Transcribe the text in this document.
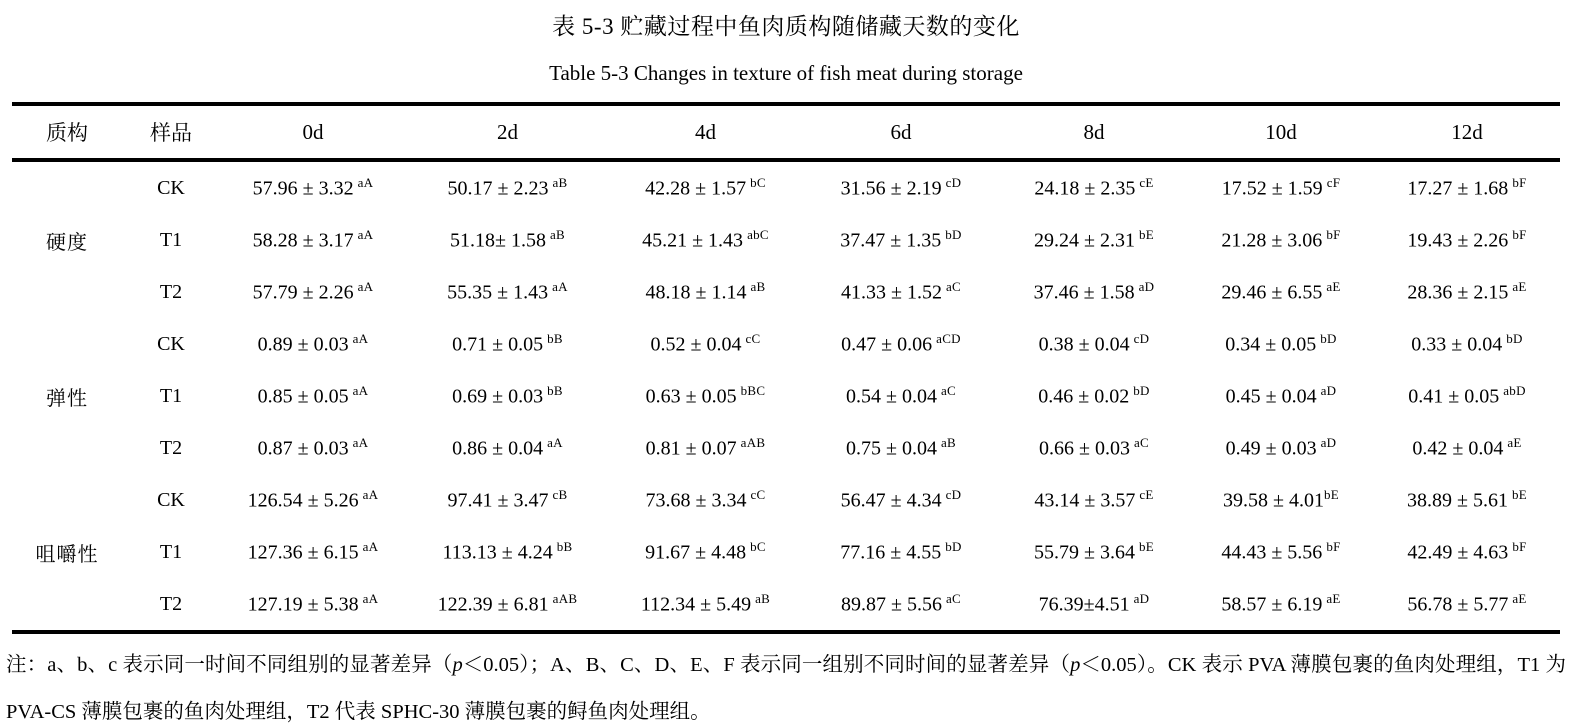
表 5-3 贮藏过程中鱼肉质构随储藏天数的变化
Table 5-3 Changes in texture of fish meat during storage
质构	样品	0d	2d	4d	6d	8d	10d	12d
硬度	CK	57.96 ± 3.32 $^{aA}$	50.17 ± 2.23 $^{aB}$	42.28 ± 1.57 $^{bC}$	31.56 ± 2.19 $^{cD}$	24.18 ± 2.35 $^{cE}$	17.52 ± 1.59 $^{cF}$	17.27 ± 1.68 $^{bF}$
	T1	58.28 ± 3.17 $^{aA}$	51.18± 1.58 $^{aB}$	45.21 ± 1.43 $^{abC}$	37.47 ± 1.35 $^{bD}$	29.24 ± 2.31 $^{bE}$	21.28 ± 3.06 $^{bF}$	19.43 ± 2.26 $^{bF}$
	T2	57.79 ± 2.26 $^{aA}$	55.35 ± 1.43 $^{aA}$	48.18 ± 1.14 $^{aB}$	41.33 ± 1.52 $^{aC}$	37.46 ± 1.58 $^{aD}$	29.46 ± 6.55 $^{aE}$	28.36 ± 2.15 $^{aE}$
弹性	CK	0.89 ± 0.03 $^{aA}$	0.71 ± 0.05 $^{bB}$	0.52 ± 0.04 $^{cC}$	0.47 ± 0.06 $^{aCD}$	0.38 ± 0.04 $^{cD}$	0.34 ± 0.05 $^{bD}$	0.33 ± 0.04 $^{bD}$
	T1	0.85 ± 0.05 $^{aA}$	0.69 ± 0.03 $^{bB}$	0.63 ± 0.05 $^{bBC}$	0.54 ± 0.04 $^{aC}$	0.46 ± 0.02 $^{bD}$	0.45 ± 0.04 $^{aD}$	0.41 ± 0.05 $^{abD}$
	T2	0.87 ± 0.03 $^{aA}$	0.86 ± 0.04 $^{aA}$	0.81 ± 0.07 $^{aAB}$	0.75 ± 0.04 $^{aB}$	0.66 ± 0.03 $^{aC}$	0.49 ± 0.03 $^{aD}$	0.42 ± 0.04 $^{aE}$
咀嚼性	CK	126.54 ± 5.26 $^{aA}$	97.41 ± 3.47 $^{cB}$	73.68 ± 3.34 $^{cC}$	56.47 ± 4.34 $^{cD}$	43.14 ± 3.57 $^{cE}$	$39.58 \pm 4.01^{bE}$	38.89 ± 5.61 $^{bE}$
	T1	127.36 ± 6.15 $^{aA}$	113.13 ± 4.24 $^{bB}$	91.67 ± 4.48 $^{bC}$	77.16 ± 4.55 $^{bD}$	55.79 ± 3.64 $^{bE}$	44.43 ± 5.56 $^{bF}$	42.49 ± 4.63 $^{bF}$
	T2	127.19 ± 5.38 $^{aA}$	122.39 ± 6.81 $^{aAB}$	112.34 ± 5.49 $^{aB}$	89.87 ± 5.56 $^{aC}$	76.39±4.51 $^{aD}$	58.57 ± 6.19 $^{aE}$	56.78 ± 5.77 $^{aE}$
注：a、b、c 表示同一时间不同组别的显著差异（p＜0.05）；A、B、C、D、E、F 表示同一组别不同时间的显著差异（p＜0.05）。CK 表示 PVA 薄膜包裹的鱼肉处理组，T1 为 PVA-CS 薄膜包裹的鱼肉处理组，T2 代表 SPHC-30 薄膜包裹的鲟鱼肉处理组。
